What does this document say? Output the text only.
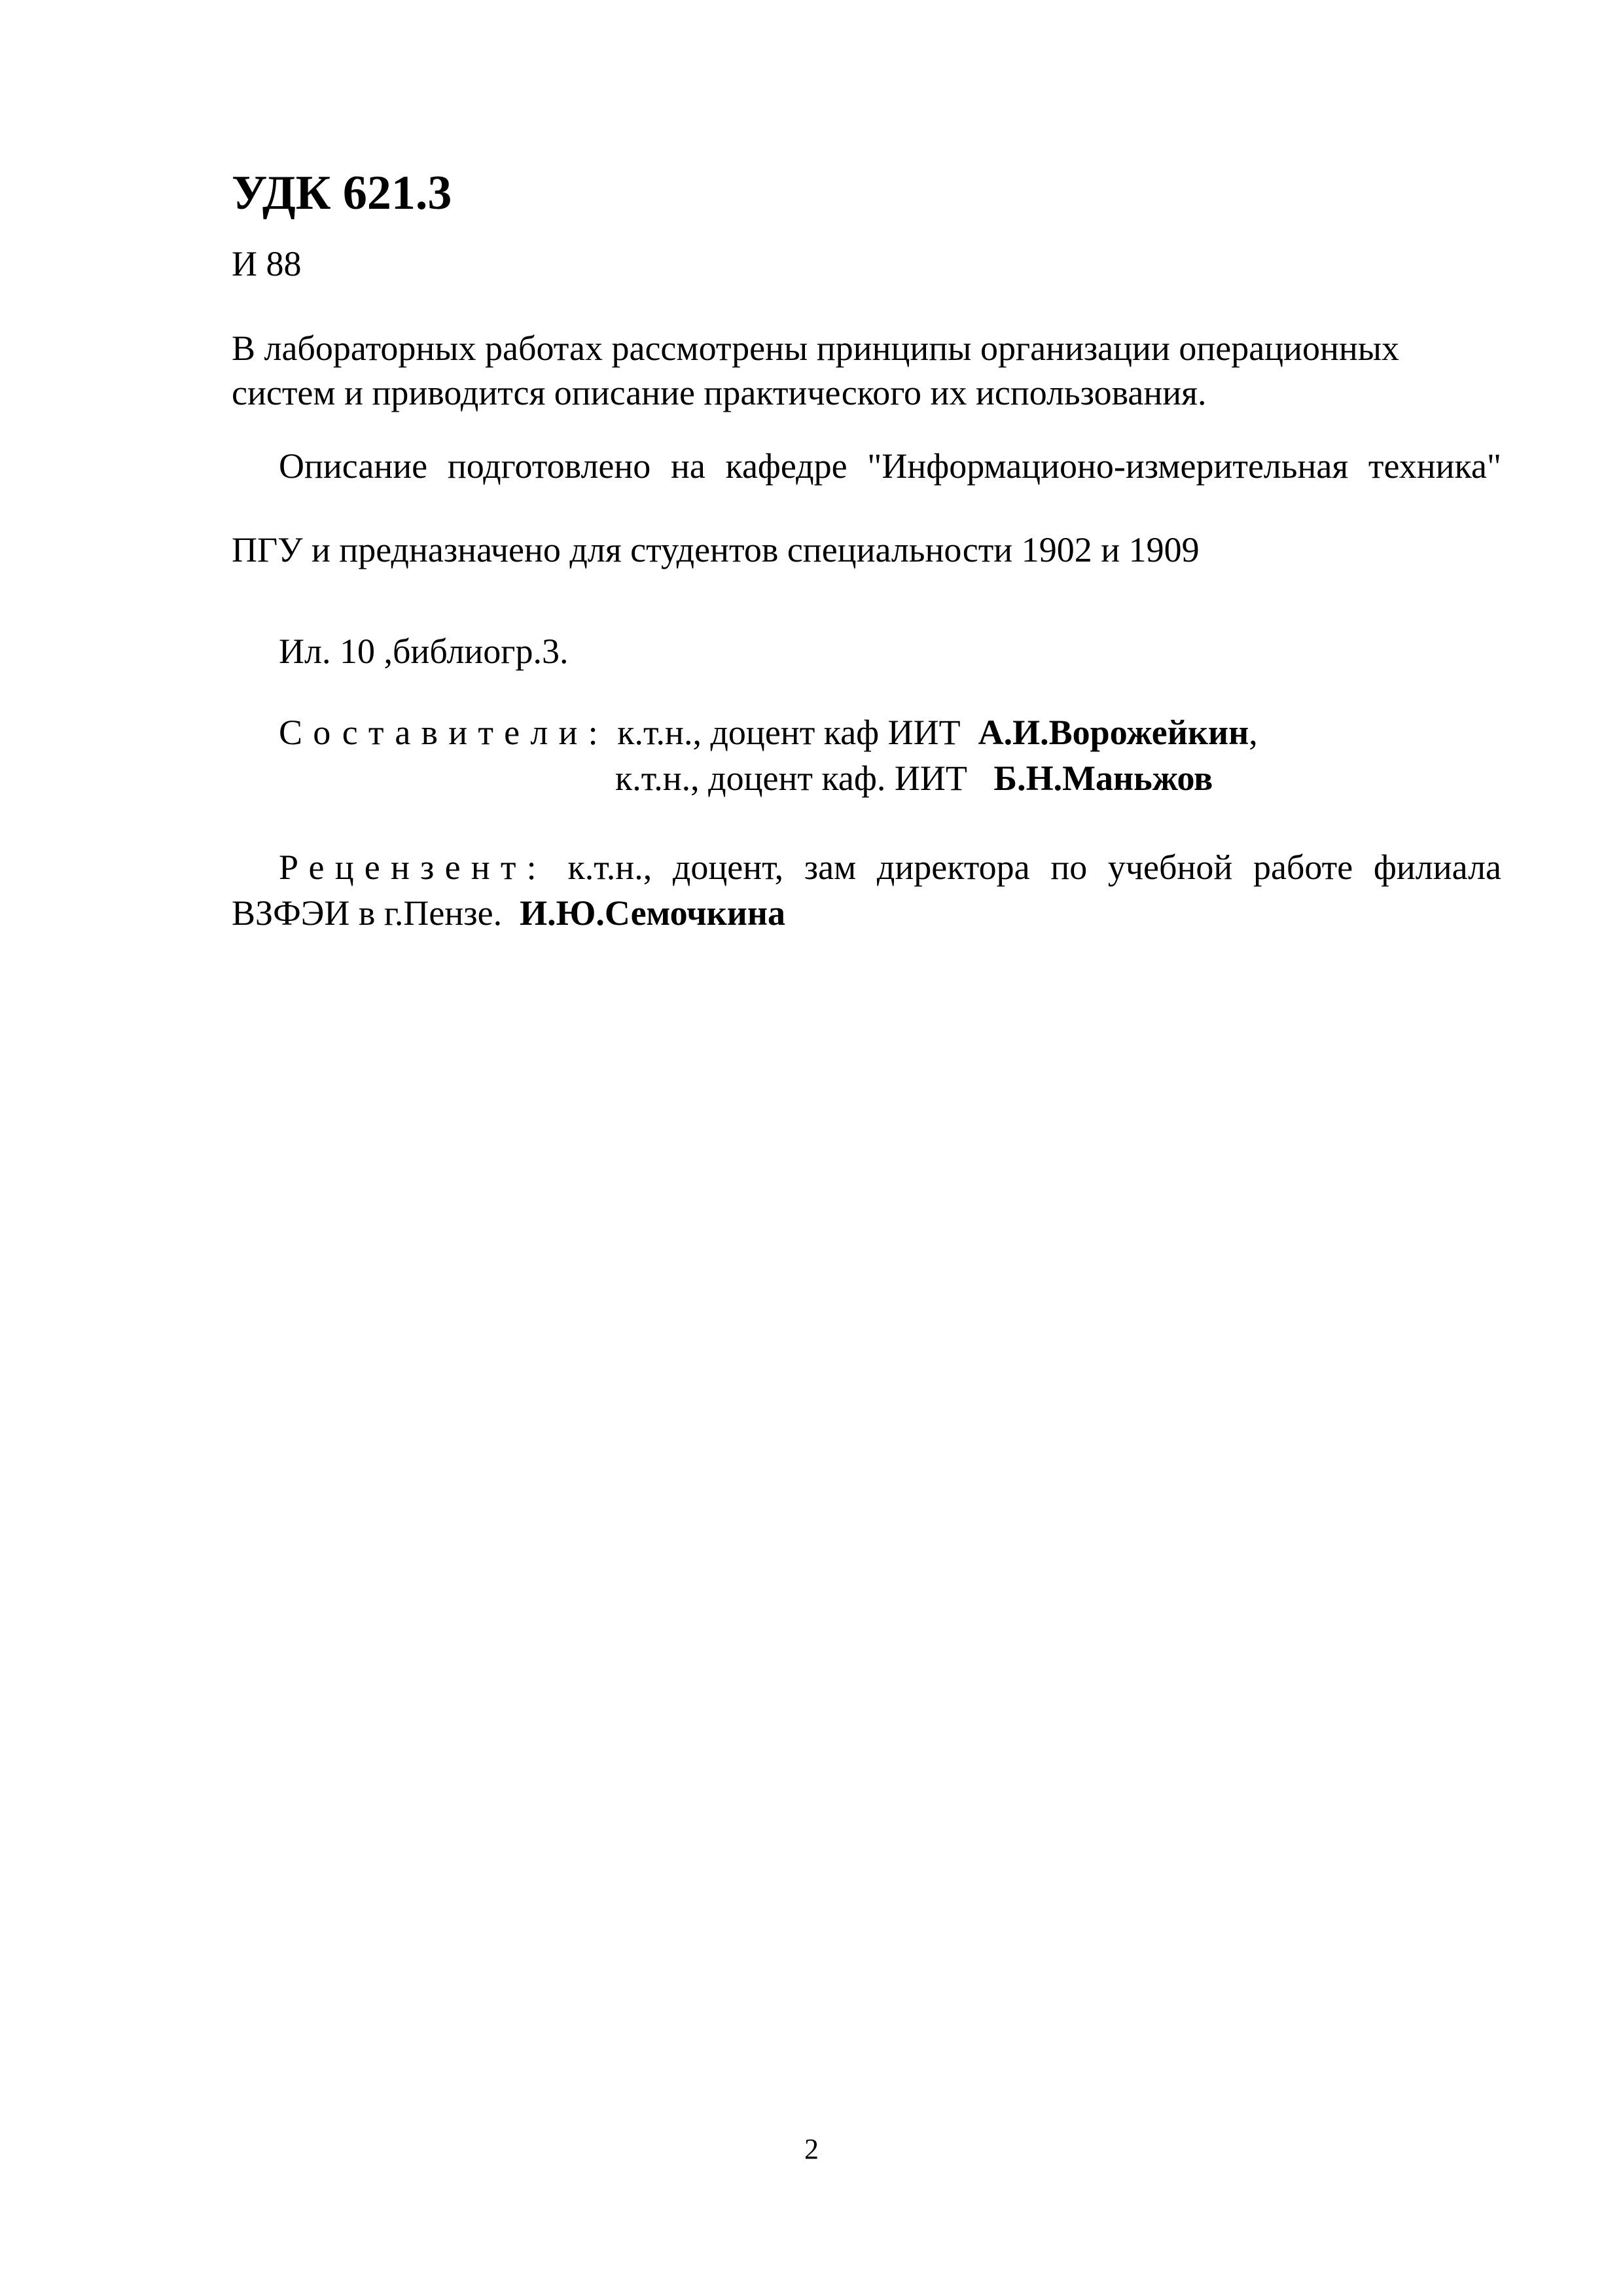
УДК 621.3
И 88
В лабораторных работах рассмотрены принципы организации операционных
систем и приводится описание практического их использования.
Описание подготовлено на кафедре "Информационо-измерительная техника" ПГУ и предназначено для студентов специальности 1902 и 1909
Ил. 10 ,библиогр.3.
Составители: к.т.н., доцент каф ИИТ  А.И.Ворожейкин,
к.т.н., доцент каф. ИИТ   Б.Н.Маньжов
Рецензент: к.т.н., доцент, зам директора по учебной работе филиала ВЗФЭИ в г.Пензе.  И.Ю.Семочкина
2
